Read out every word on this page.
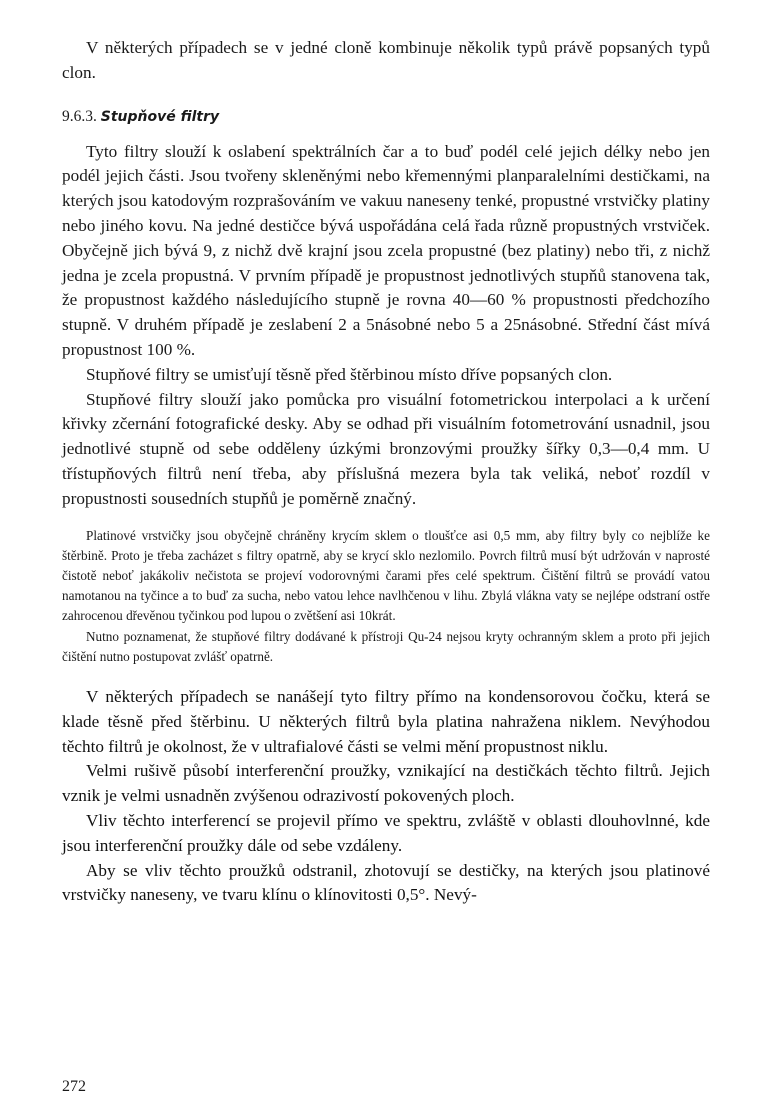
V některých případech se v jedné cloně kombinuje několik typů právě popsaných typů clon.

9.6.3. Stupňové filtry

Tyto filtry slouží k oslabení spektrálních čar a to buď podél celé jejich délky nebo jen podél jejich části. Jsou tvořeny skleněnými nebo křemennými planparalelními destičkami, na kterých jsou katodovým rozprašováním ve vakuu naneseny tenké, propustné vrstvičky platiny nebo jiného kovu. Na jedné destičce bývá uspořádána celá řada různě propustných vrstviček. Obyčejně jich bývá 9, z nichž dvě krajní jsou zcela propustné (bez platiny) nebo tři, z nichž jedna je zcela propustná. V prvním případě je propustnost jednotlivých stupňů stanovena tak, že propustnost každého následujícího stupně je rovna 40—60 % propustnosti předchozího stupně. V druhém případě je zeslabení 2 a 5násobné nebo 5 a 25násobné. Střední část mívá propustnost 100 %.

Stupňové filtry se umisťují těsně před štěrbinou místo dříve popsaných clon.

Stupňové filtry slouží jako pomůcka pro visuální fotometrickou interpolaci a k určení křivky zčernání fotografické desky. Aby se odhad při visuálním fotometrování usnadnil, jsou jednotlivé stupně od sebe odděleny úzkými bronzovými proužky šířky 0,3—0,4 mm. U třístupňových filtrů není třeba, aby příslušná mezera byla tak veliká, neboť rozdíl v propustnosti sousedních stupňů je poměrně značný.

Platinové vrstvičky jsou obyčejně chráněny krycím sklem o tloušťce asi 0,5 mm, aby filtry byly co nejblíže ke štěrbině. Proto je třeba zacházet s filtry opatrně, aby se krycí sklo nezlomilo. Povrch filtrů musí být udržován v naprosté čistotě neboť jakákoliv nečistota se projeví vodorovnými čarami přes celé spektrum. Čištění filtrů se provádí vatou namotanou na tyčince a to buď za sucha, nebo vatou lehce navlhčenou v lihu. Zbylá vlákna vaty se nejlépe odstraní ostře zahrocenou dřevěnou tyčinkou pod lupou o zvětšení asi 10krát.

Nutno poznamenat, že stupňové filtry dodávané k přístroji Qu-24 nejsou kryty ochranným sklem a proto při jejich čištění nutno postupovat zvlášť opatrně.

V některých případech se nanášejí tyto filtry přímo na kondensorovou čočku, která se klade těsně před štěrbinu. U některých filtrů byla platina nahražena niklem. Nevýhodou těchto filtrů je okolnost, že v ultrafialové části se velmi mění propustnost niklu.

Velmi rušivě působí interferenční proužky, vznikající na destičkách těchto filtrů. Jejich vznik je velmi usnadněn zvýšenou odrazivostí pokovených ploch.

Vliv těchto interferencí se projevil přímo ve spektru, zvláště v oblasti dlouhovlnné, kde jsou interferenční proužky dále od sebe vzdáleny.

Aby se vliv těchto proužků odstranil, zhotovují se destičky, na kterých jsou platinové vrstvičky naneseny, ve tvaru klínu o klínovitosti 0,5°. Nevý-

272
